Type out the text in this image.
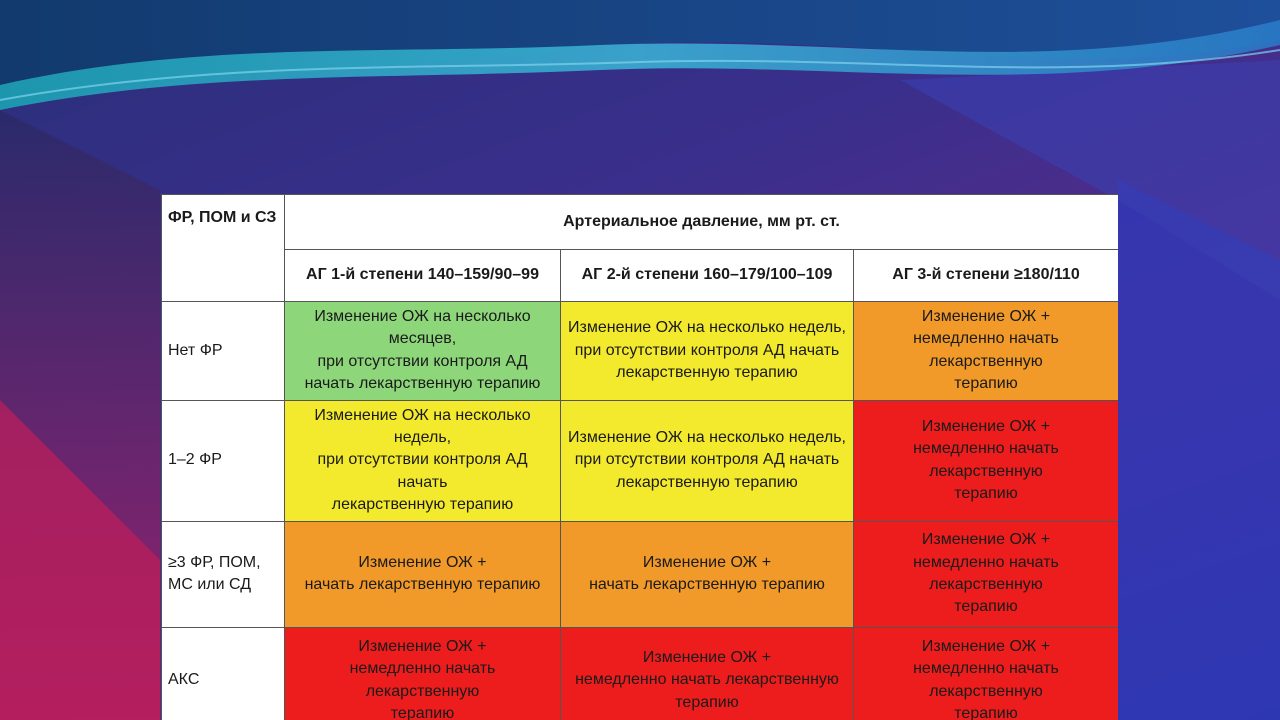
ФР, ПОМ и СЗ	Артериальное давление, мм рт. ст.		
	АГ 1-й степени 140–159/90–99	АГ 2-й степени 160–179/100–109	АГ 3-й степени ≥180/110
Нет ФР	Изменение ОЖ на несколько месяцев,
при отсутствии контроля АД
начать лекарственную терапию	Изменение ОЖ на несколько недель,
при отсутствии контроля АД начать
лекарственную терапию	Изменение ОЖ +
немедленно начать лекарственную
терапию
1–2 ФР	Изменение ОЖ на несколько недель,
при отсутствии контроля АД начать
лекарственную терапию	Изменение ОЖ на несколько недель,
при отсутствии контроля АД начать
лекарственную терапию	Изменение ОЖ +
немедленно начать лекарственную
терапию
≥3 ФР, ПОМ,
МС или СД	Изменение ОЖ +
начать лекарственную терапию	Изменение ОЖ +
начать лекарственную терапию	Изменение ОЖ +
немедленно начать лекарственную
терапию
АКС	Изменение ОЖ +
немедленно начать лекарственную
терапию	Изменение ОЖ +
немедленно начать лекарственную
терапию	Изменение ОЖ +
немедленно начать лекарственную
терапию
